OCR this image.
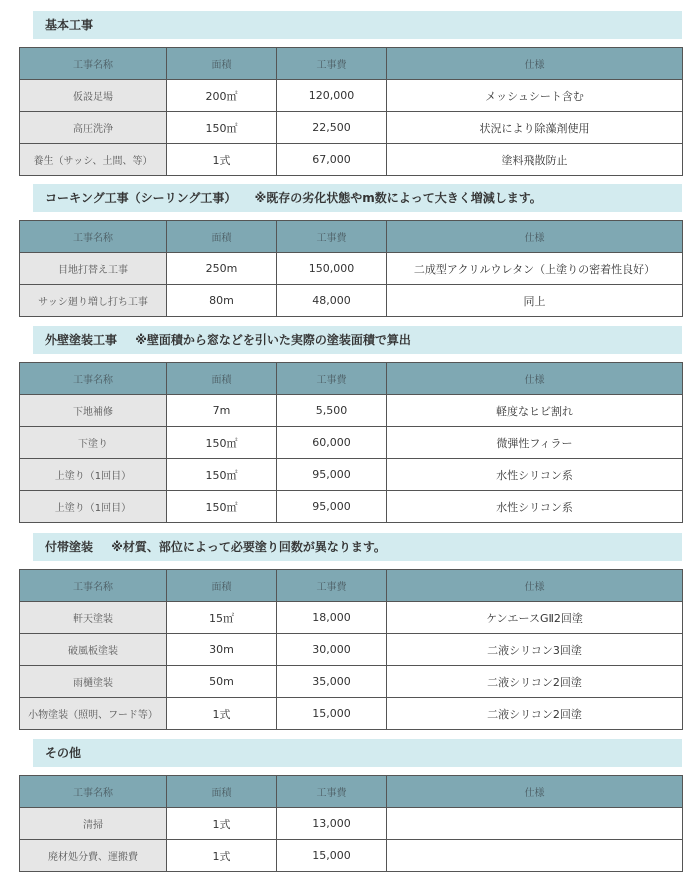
基本工事
工事名称	面積	工事費	仕様
仮設足場	200㎡	120,000	メッシュシート含む
高圧洗浄	150㎡	22,500	状況により除藻剤使用
養生（サッシ、土間、等）	1式	67,000	塗料飛散防止
コーキング工事（シーリング工事） ※既存の劣化状態やm数によって大きく増減します。
工事名称	面積	工事費	仕様
目地打替え工事	250m	150,000	二成型アクリルウレタン（上塗りの密着性良好）
サッシ廻り増し打ち工事	80m	48,000	同上
外壁塗装工事 ※壁面積から窓などを引いた実際の塗装面積で算出
工事名称	面積	工事費	仕様
下地補修	7m	5,500	軽度なヒビ割れ
下塗り	150㎡	60,000	微弾性フィラー
上塗り（1回目）	150㎡	95,000	水性シリコン系
上塗り（1回目）	150㎡	95,000	水性シリコン系
付帯塗装 ※材質、部位によって必要塗り回数が異なります。
工事名称	面積	工事費	仕様
軒天塗装	15㎡	18,000	ケンエースGⅡ2回塗
破風板塗装	30m	30,000	二液シリコン3回塗
雨樋塗装	50m	35,000	二液シリコン2回塗
小物塗装（照明、フード等）	1式	15,000	二液シリコン2回塗
その他
工事名称	面積	工事費	仕様
清掃	1式	13,000	
廃材処分費、運搬費	1式	15,000	
